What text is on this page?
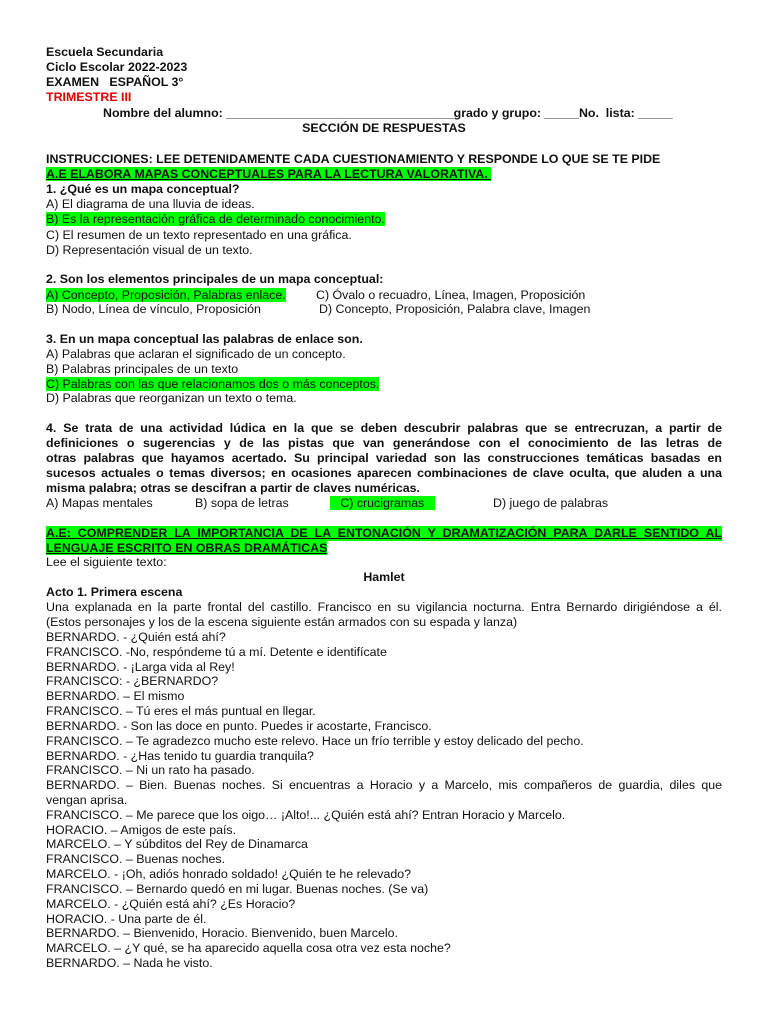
Escuela Secundaria
Ciclo Escolar 2022-2023
EXAMEN   ESPAÑOL 3°
TRIMESTRE III
Nombre del alumno: _________________________________grado y grupo: _____No.  lista: _____
SECCIÓN DE RESPUESTAS
INSTRUCCIONES: LEE DETENIDAMENTE CADA CUESTIONAMIENTO Y RESPONDE LO QUE SE TE PIDE
A.E ELABORA MAPAS CONCEPTUALES PARA LA LECTURA VALORATIVA.
1. ¿Qué es un mapa conceptual?
A) El diagrama de una lluvia de ideas.
B) Es la representación gráfica de determinado conocimiento.
C) El resumen de un texto representado en una gráfica.
D) Representación visual de un texto.
2. Son los elementos principales de un mapa conceptual:
A) Concepto, Proposición, Palabras enlace. C) Óvalo o recuadro, Línea, Imagen, Proposición
B) Nodo, Línea de vínculo, Proposición	D) Concepto, Proposición, Palabra clave, Imagen
3. En un mapa conceptual las palabras de enlace son.
A) Palabras que aclaran el significado de un concepto.
B) Palabras principales de un texto
C) Palabras con las que relacionamos dos o más conceptos.
D) Palabras que reorganizan un texto o tema.
4. Se trata de una actividad lúdica en la que se deben descubrir palabras que se entrecruzan, a partir de
definiciones o sugerencias y de las pistas que van generándose con el conocimiento de las letras de
otras palabras que hayamos acertado. Su principal variedad son las construcciones temáticas basadas en
sucesos actuales o temas diversos; en ocasiones aparecen combinaciones de clave oculta, que aluden a una
misma palabra; otras se descifran a partir de claves numéricas.
A) Mapas mentales	B) sopa de letras	C) crucigramas	D) juego de palabras
A.E: COMPRENDER LA IMPORTANCIA DE LA ENTONACIÓN Y DRAMATIZACIÓN PARA DARLE SENTIDO AL
LENGUAJE ESCRITO EN OBRAS DRAMÁTICAS
Lee el siguiente texto:
Hamlet
Acto 1. Primera escena
Una explanada en la parte frontal del castillo. Francisco en su vigilancia nocturna. Entra Bernardo dirigiéndose a él.
(Estos personajes y los de la escena siguiente están armados con su espada y lanza)
BERNARDO. - ¿Quién está ahí?
FRANCISCO. -No, respóndeme tú a mí. Detente e identifícate
BERNARDO. - ¡Larga vida al Rey!
FRANCISCO: - ¿BERNARDO?
BERNARDO. – El mismo
FRANCISCO. – Tú eres el más puntual en llegar.
BERNARDO. - Son las doce en punto. Puedes ir acostarte, Francisco.
FRANCISCO. – Te agradezco mucho este relevo. Hace un frío terrible y estoy delicado del pecho.
BERNARDO. - ¿Has tenido tu guardia tranquila?
FRANCISCO. – Ni un rato ha pasado.
BERNARDO. – Bien. Buenas noches. Si encuentras a Horacio y a Marcelo, mis compañeros de guardia, diles que
vengan aprisa.
FRANCISCO. – Me parece que los oigo… ¡Alto!... ¿Quién está ahí? Entran Horacio y Marcelo.
HORACIO. – Amigos de este país.
MARCELO. – Y súbditos del Rey de Dinamarca
FRANCISCO. – Buenas noches.
MARCELO. - ¡Oh, adiós honrado soldado! ¿Quién te he relevado?
FRANCISCO. – Bernardo quedó en mi lugar. Buenas noches. (Se va)
MARCELO. - ¿Quién está ahí? ¿Es Horacio?
HORACIO. - Una parte de él.
BERNARDO. – Bienvenido, Horacio. Bienvenido, buen Marcelo.
MARCELO. – ¿Y qué, se ha aparecido aquella cosa otra vez esta noche?
BERNARDO. – Nada he visto.
